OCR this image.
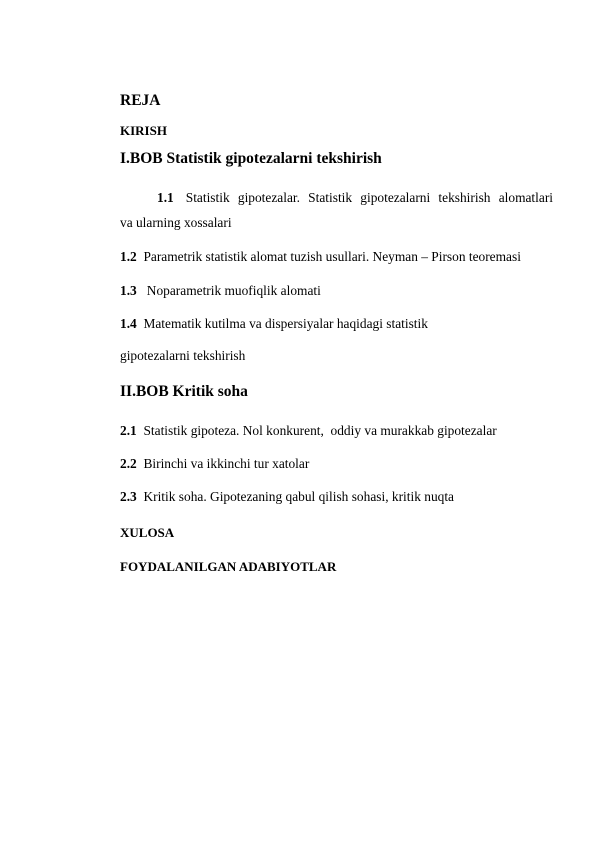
REJA
KIRISH
I.BOB Statistik gipotezalarni tekshirish
1.1 Statistik gipotezalar. Statistik gipotezalarni tekshirish alomatlari
va ularning xossalari
1.2 Parametrik statistik alomat tuzish usullari. Neyman – Pirson teoremasi
1.3 Noparametrik muofiqlik alomati
1.4 Matematik kutilma va dispersiyalar haqidagi statistik
gipotezalarni tekshirish
II.BOB Kritik soha
2.1 Statistik gipoteza. Nol konkurent,  oddiy va murakkab gipotezalar
2.2 Birinchi va ikkinchi tur xatolar
2.3 Kritik soha. Gipotezaning qabul qilish sohasi, kritik nuqta
XULOSA
FOYDALANILGAN ADABIYOTLAR
